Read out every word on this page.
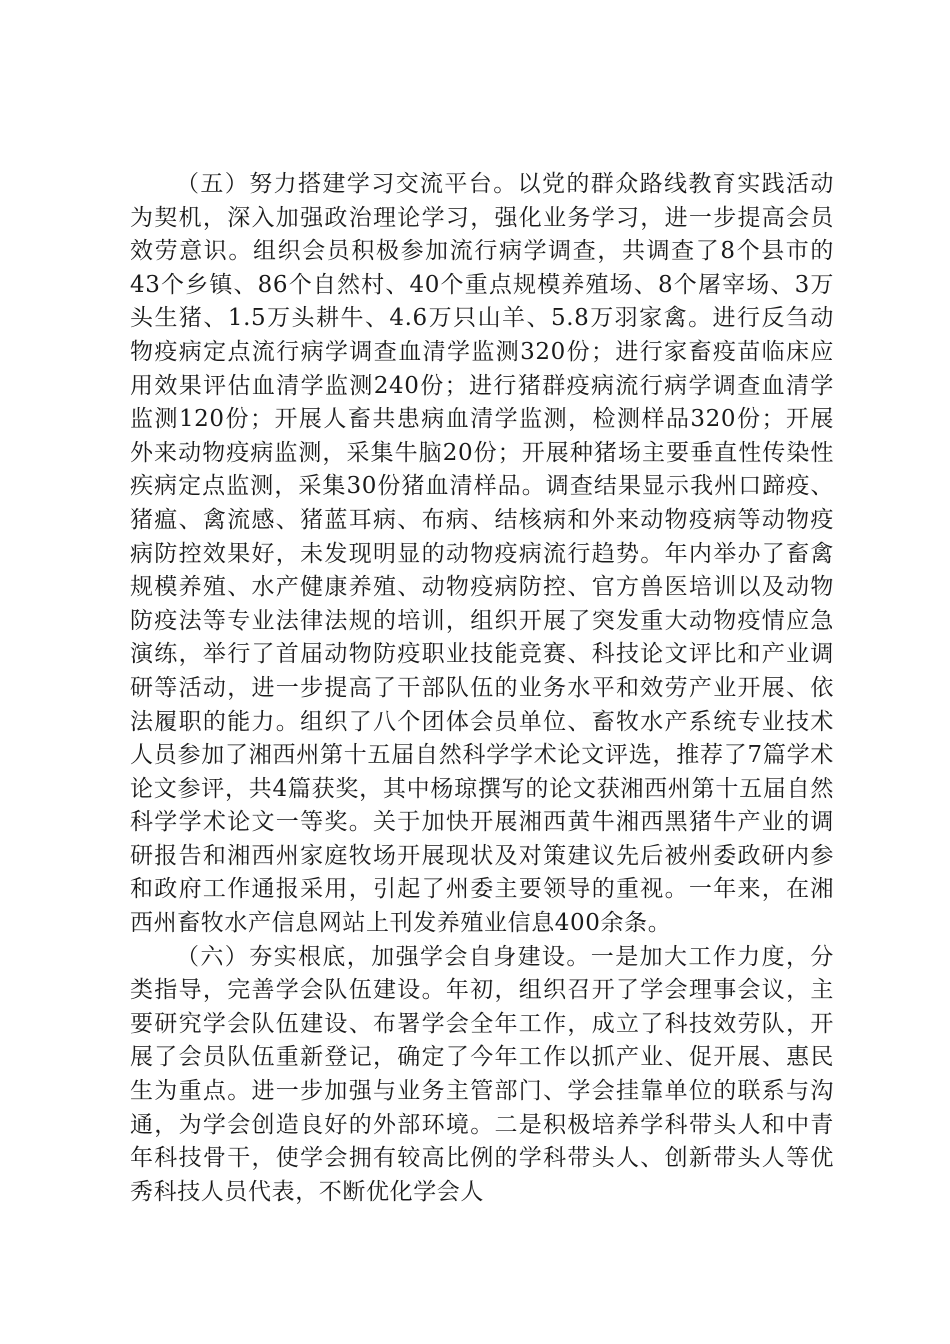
（五）努力搭建学习交流平台。以党的群众路线教育实践活动为契机，深入加强政治理论学习，强化业务学习，进一步提高会员效劳意识。组织会员积极参加流行病学调查，共调查了8个县市的43个乡镇、86个自然村、40个重点规模养殖场、8个屠宰场、3万头生猪、1.5万头耕牛、4.6万只山羊、5.8万羽家禽。进行反刍动物疫病定点流行病学调查血清学监测320份；进行家畜疫苗临床应用效果评估血清学监测240份；进行猪群疫病流行病学调查血清学监测120份；开展人畜共患病血清学监测，检测样品320份；开展外来动物疫病监测，采集牛脑20份；开展种猪场主要垂直性传染性疾病定点监测，采集30份猪血清样品。调查结果显示我州口蹄疫、猪瘟、禽流感、猪蓝耳病、布病、结核病和外来动物疫病等动物疫病防控效果好，未发现明显的动物疫病流行趋势。年内举办了畜禽规模养殖、水产健康养殖、动物疫病防控、官方兽医培训以及动物防疫法等专业法律法规的培训，组织开展了突发重大动物疫情应急演练，举行了首届动物防疫职业技能竞赛、科技论文评比和产业调研等活动，进一步提高了干部队伍的业务水平和效劳产业开展、依法履职的能力。组织了八个团体会员单位、畜牧水产系统专业技术人员参加了湘西州第十五届自然科学学术论文评选，推荐了7篇学术论文参评，共4篇获奖，其中杨琼撰写的论文获湘西州第十五届自然科学学术论文一等奖。关于加快开展湘西黄牛湘西黑猪牛产业的调研报告和湘西州家庭牧场开展现状及对策建议先后被州委政研内参和政府工作通报采用，引起了州委主要领导的重视。一年来，在湘西州畜牧水产信息网站上刊发养殖业信息400余条。

（六）夯实根底，加强学会自身建设。一是加大工作力度，分类指导，完善学会队伍建设。年初，组织召开了学会理事会议，主要研究学会队伍建设、布署学会全年工作，成立了科技效劳队，开展了会员队伍重新登记，确定了今年工作以抓产业、促开展、惠民生为重点。进一步加强与业务主管部门、学会挂靠单位的联系与沟通，为学会创造良好的外部环境。二是积极培养学科带头人和中青年科技骨干，使学会拥有较高比例的学科带头人、创新带头人等优秀科技人员代表，不断优化学会人
